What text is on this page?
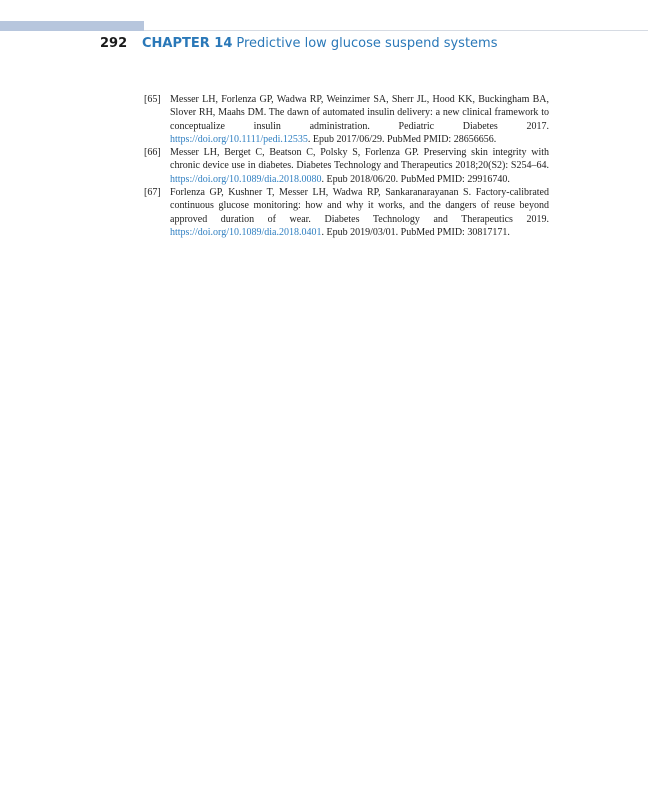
292 CHAPTER 14 Predictive low glucose suspend systems
[65] Messer LH, Forlenza GP, Wadwa RP, Weinzimer SA, Sherr JL, Hood KK, Buckingham BA, Slover RH, Maahs DM. The dawn of automated insulin delivery: a new clinical framework to conceptualize insulin administration. Pediatric Diabetes 2017. https://doi.org/10.1111/pedi.12535. Epub 2017/06/29. PubMed PMID: 28656656.
[66] Messer LH, Berget C, Beatson C, Polsky S, Forlenza GP. Preserving skin integrity with chronic device use in diabetes. Diabetes Technology and Therapeutics 2018;20(S2): S254–64. https://doi.org/10.1089/dia.2018.0080. Epub 2018/06/20. PubMed PMID: 29916740.
[67] Forlenza GP, Kushner T, Messer LH, Wadwa RP, Sankaranarayanan S. Factory-calibrated continuous glucose monitoring: how and why it works, and the dangers of reuse beyond approved duration of wear. Diabetes Technology and Therapeutics 2019. https://doi.org/10.1089/dia.2018.0401. Epub 2019/03/01. PubMed PMID: 30817171.
